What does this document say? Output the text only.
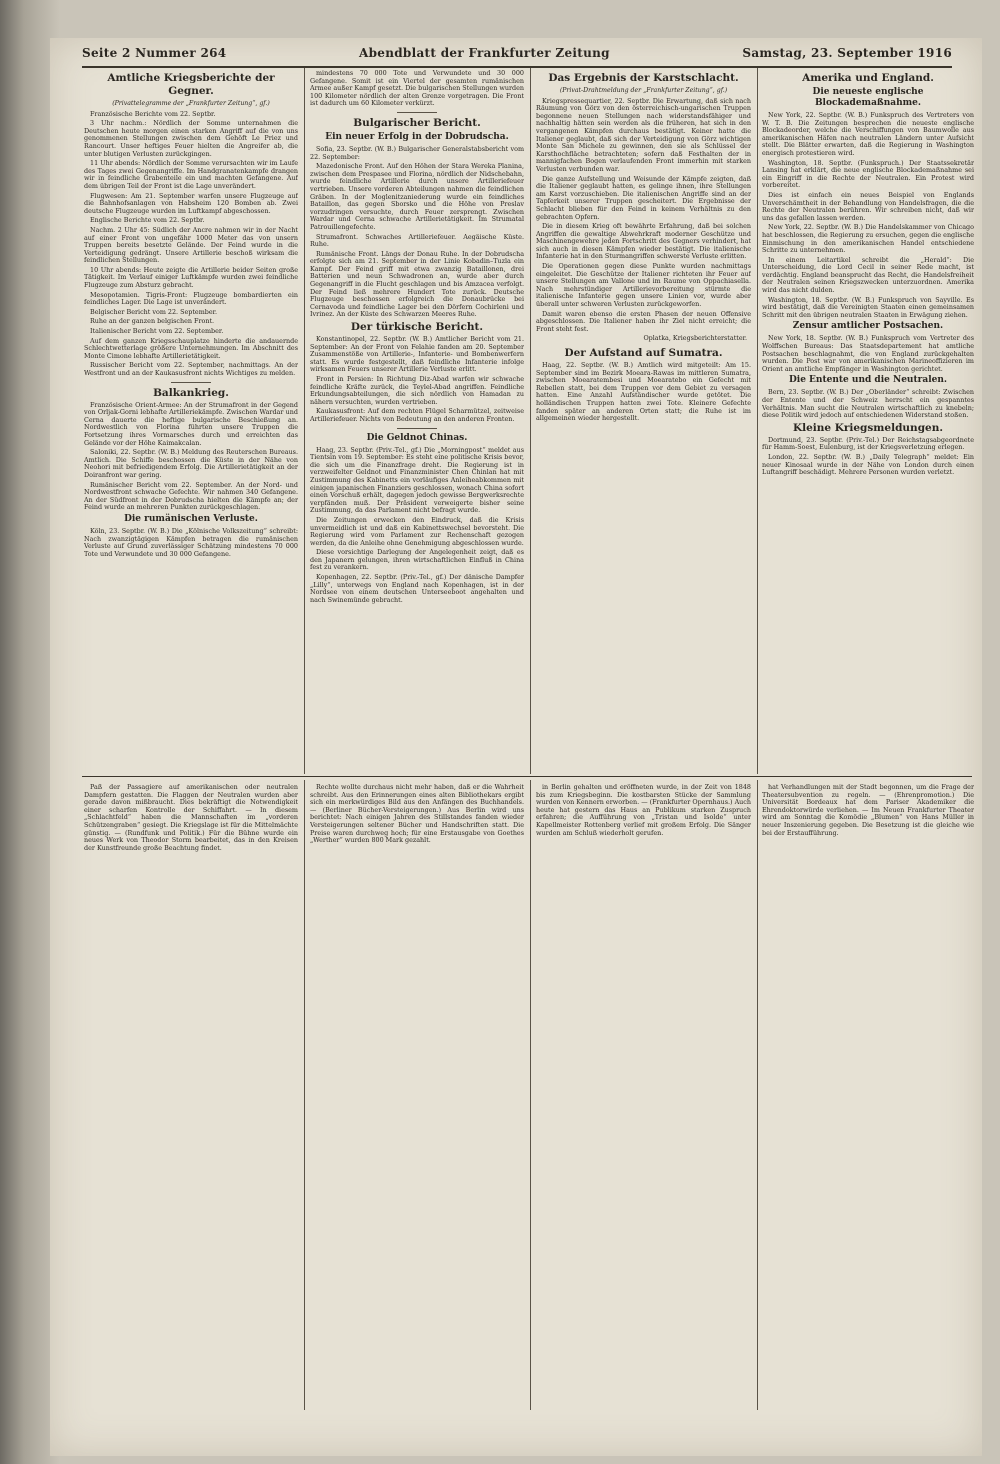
Seite 2 Nummer 264	Abendblatt der Frankfurter Zeitung	Samstag, 23. September 1916
Amtliche Kriegsberichte der Gegner.
(Privattelegramme der „Frankfurter Zeitung“, gf.)

Französische Berichte vom 22. Septbr.

3 Uhr nachm.: Nördlich der Somme unternahmen die Deutschen heute morgen einen starken Angriff auf die von uns genommenen Stellungen zwischen dem Gehöft Le Priez und Rancourt. Unser heftiges Feuer hielten die Angreifer ab, die unter blutigen Verlusten zurückgingen.

11 Uhr abends: Nördlich der Somme verursachten wir im Laufe des Tages zwei Gegenangriffe. Im Handgranatenkampfe drangen wir in feindliche Grabenteile ein und machten Gefangene. Auf dem übrigen Teil der Front ist die Lage unverändert.

Flugwesen: Am 21. September warfen unsere Flugzeuge auf die Bahnhofsanlagen von Habsheim 120 Bomben ab. Zwei deutsche Flugzeuge wurden im Luftkampf abgeschossen.

Englische Berichte vom 22. Septbr.

Nachm. 2 Uhr 45: Südlich der Ancre nahmen wir in der Nacht auf einer Front von ungefähr 1000 Meter das von unsern Truppen bereits besetzte Gelände. Der Feind wurde in die Verteidigung gedrängt. Unsere Artillerie beschoß wirksam die feindlichen Stellungen.

10 Uhr abends: Heute zeigte die Artillerie beider Seiten große Tätigkeit. Im Verlauf einiger Luftkämpfe wurden zwei feindliche Flugzeuge zum Absturz gebracht.

Mesopotamien. Tigris-Front: Flugzeuge bombardierten ein feindliches Lager. Die Lage ist unverändert.

Belgischer Bericht vom 22. September.

Ruhe an der ganzen belgischen Front.

Italienischer Bericht vom 22. September.

Auf dem ganzen Kriegsschauplatze hinderte die andauernde Schlechtwetterlage größere Unternehmungen. Im Abschnitt des Monte Cimone lebhafte Artillerietätigkeit.

Russischer Bericht vom 22. September, nachmittags. An der Westfront und an der Kaukasusfront nichts Wichtiges zu melden.

Balkankrieg.

Französische Orient-Armee: An der Strumafront in der Gegend von Orljak-Gorni lebhafte Artilleriekämpfe. Zwischen Wardar und Cerna dauerte die heftige bulgarische Beschießung an. Nordwestlich von Florina führten unsere Truppen die Fortsetzung ihres Vormarsches durch und erreichten das Gelände vor der Höhe Kaimakcalan.

Saloniki, 22. Septbr. (W. B.) Meldung des Reuterschen Bureaus. Amtlich. Die Schiffe beschossen die Küste in der Nähe von Neohori mit befriedigendem Erfolg. Die Artillerietätigkeit an der Doiranfront war gering.

Rumänischer Bericht vom 22. September. An der Nord- und Nordwestfront schwache Gefechte. Wir nahmen 340 Gefangene. An der Südfront in der Dobrudscha hielten die Kämpfe an; der Feind wurde an mehreren Punkten zurückgeschlagen.

Die rumänischen Verluste.

Köln, 23. Septbr. (W. B.) Die „Kölnische Volkszeitung“ schreibt: Nach zwanzigtägigen Kämpfen betragen die rumänischen Verluste auf Grund zuverlässiger Schätzung mindestens 70 000 Tote und Verwundete und 30 000 Gefangene.

mindestens 70 000 Tote und Verwundete und 30 000 Gefangene. Somit ist ein Viertel der gesamten rumänischen Armee außer Kampf gesetzt. Die bulgarischen Stellungen wurden 100 Kilometer nördlich der alten Grenze vorgetragen. Die Front ist dadurch um 60 Kilometer verkürzt.

Bulgarischer Bericht.
Ein neuer Erfolg in der Dobrudscha.

Sofia, 23. Septbr. (W. B.) Bulgarischer Generalstabsbericht vom 22. September:

Mazedonische Front. Auf den Höhen der Stara Wereka Planina, zwischen dem Prespasee und Florina, nördlich der Nidschebahn, wurde feindliche Artillerie durch unsere Artilleriefeuer vertrieben. Unsere vorderen Abteilungen nahmen die feindlichen Gräben. In der Moglenitzaniederung wurde ein feindliches Bataillon, das gegen Sborsko und die Höhe von Preslav vorzudringen versuchte, durch Feuer zersprengt. Zwischen Wardar und Cerna schwache Artillerietätigkeit. Im Strumatal Patrouillengefechte.

Strumafront. Schwaches Artilleriefeuer. Aegäische Küste. Ruhe.

Rumänische Front. Längs der Donau Ruhe. In der Dobrudscha erfolgte sich am 21. September in der Linie Kobadin–Tuzla ein Kampf. Der Feind griff mit etwa zwanzig Bataillonen, drei Batterien und neun Schwadronen an, wurde aber durch Gegenangriff in die Flucht geschlagen und bis Amzacea verfolgt. Der Feind ließ mehrere Hundert Tote zurück. Deutsche Flugzeuge beschossen erfolgreich die Donaubrücke bei Cernavoda und feindliche Lager bei den Dörfern Cochirleni und Ivrinez. An der Küste des Schwarzen Meeres Ruhe.

Der türkische Bericht.

Konstantinopel, 22. Septbr. (W. B.) Amtlicher Bericht vom 21. September: An der Front von Felahie fanden am 20. September Zusammenstöße von Artillerie-, Infanterie- und Bombenwerfern statt. Es wurde festgestellt, daß feindliche Infanterie infolge wirksamen Feuers unserer Artillerie Verluste erlitt.

Front in Persien: In Richtung Diz-Abad warfen wir schwache feindliche Kräfte zurück, die Teylel-Abad angriffen. Feindliche Erkundungsabteilungen, die sich nördlich von Hamadan zu nähern versuchten, wurden vertrieben.

Kaukasusfront: Auf dem rechten Flügel Scharmützel, zeitweise Artilleriefeuer. Nichts von Bedeutung an den anderen Fronten.

Die Geldnot Chinas.

Haag, 23. Septbr. (Priv.-Tel., gf.) Die „Morningpost“ meldet aus Tientsin vom 19. September: Es steht eine politische Krisis bevor, die sich um die Finanzfrage dreht. Die Regierung ist in verzweifelter Geldnot und Finanzminister Chen Chinlan hat mit Zustimmung des Kabinetts ein vorläufiges Anleiheabkommen mit einigen japanischen Finanziers geschlossen, wonach China sofort einen Vorschuß erhält, dagegen jedoch gewisse Bergwerksrechte verpfänden muß. Der Präsident verweigerte bisher seine Zustimmung, da das Parlament nicht befragt wurde.

Die Zeitungen erwecken den Eindruck, daß die Krisis unvermeidlich ist und daß ein Kabinettswechsel bevorsteht. Die Regierung wird vom Parlament zur Rechenschaft gezogen werden, da die Anleihe ohne Genehmigung abgeschlossen wurde.

Diese vorsichtige Darlegung der Angelegenheit zeigt, daß es den Japanern gelungen, ihren wirtschaftlichen Einfluß in China fest zu verankern.

Kopenhagen, 22. Septbr. (Priv.-Tel., gf.) Der dänische Dampfer „Lilly“, unterwegs von England nach Kopenhagen, ist in der Nordsee von einem deutschen Unterseeboot angehalten und nach Swinemünde gebracht.

Das Ergebnis der Karstschlacht.
(Privat-Drahtmeldung der „Frankfurter Zeitung“, gf.)

Kriegspressequartier, 22. Septbr. Die Erwartung, daß sich nach Räumung von Görz von den österreichisch-ungarischen Truppen begonnene neuen Stellungen nach widerstandsfähiger und nachhaltig hätten sein werden als die früheren, hat sich in den vergangenen Kämpfen durchaus bestätigt. Keiner hatte die Italiener geglaubt, daß sich der Verteidigung von Görz wichtigen Monte San Michele zu gewinnen, den sie als Schlüssel der Karsthochfläche betrachteten; sofern daß Festhalten der in mannigfachen Bogen verlaufenden Front immerhin mit starken Verlusten verbunden war.

Die ganze Aufstellung und Weisunde der Kämpfe zeigten, daß die Italiener geglaubt hatten, es gelinge ihnen, ihre Stellungen am Karst vorzuschieben. Die italienischen Angriffe sind an der Tapferkeit unserer Truppen gescheitert. Die Ergebnisse der Schlacht blieben für den Feind in keinem Verhältnis zu den gebrachten Opfern.

Die in diesem Krieg oft bewährte Erfahrung, daß bei solchen Angriffen die gewaltige Abwehrkraft moderner Geschütze und Maschinengewehre jeden Fortschritt des Gegners verhindert, hat sich auch in diesen Kämpfen wieder bestätigt. Die italienische Infanterie hat in den Sturmangriffen schwerste Verluste erlitten.

Die Operationen gegen diese Punkte wurden nachmittags eingeleitet. Die Geschütze der Italiener richteten ihr Feuer auf unsere Stellungen am Vallone und im Raume von Oppachiasella. Nach mehrstündiger Artillerievorbereitung stürmte die italienische Infanterie gegen unsere Linien vor, wurde aber überall unter schweren Verlusten zurückgeworfen.

Damit waren ebenso die ersten Phasen der neuen Offensive abgeschlossen. Die Italiener haben ihr Ziel nicht erreicht; die Front steht fest.

Oplatka, Kriegsberichterstatter.
Der Aufstand auf Sumatra.

Haag, 22. Septbr. (W. B.) Amtlich wird mitgeteilt: Am 15. September sind im Bezirk Moeara-Rawas im mittleren Sumatra, zwischen Moearatembesi und Moearatebo ein Gefecht mit Rebellen statt, bei dem Truppen vor dem Gebiet zu versagen hatten. Eine Anzahl Aufständischer wurde getötet. Die holländischen Truppen hatten zwei Tote. Kleinere Gefechte fanden später an anderen Orten statt; die Ruhe ist im allgemeinen wieder hergestellt.

Amerika und England.
Die neueste englische Blockademaßnahme.

New York, 22. Septbr. (W. B.) Funkspruch des Vertreters von W. T. B. Die Zeitungen besprechen die neueste englische Blockadeorder, welche die Verschiffungen von Baumwolle aus amerikanischen Häfen nach neutralen Ländern unter Aufsicht stellt. Die Blätter erwarten, daß die Regierung in Washington energisch protestieren wird.

Washington, 18. Septbr. (Funkspruch.) Der Staatssekretär Lansing hat erklärt, die neue englische Blockademaßnahme sei ein Eingriff in die Rechte der Neutralen. Ein Protest wird vorbereitet.

Dies ist einfach ein neues Beispiel von Englands Unverschämtheit in der Behandlung von Handelsfragen, die die Rechte der Neutralen berühren. Wir schreiben nicht, daß wir uns das gefallen lassen werden.

New York, 22. Septbr. (W. B.) Die Handelskammer von Chicago hat beschlossen, die Regierung zu ersuchen, gegen die englische Einmischung in den amerikanischen Handel entschiedene Schritte zu unternehmen.

In einem Leitartikel schreibt die „Herald“: Die Unterscheidung, die Lord Cecil in seiner Rede macht, ist verdächtig. England beansprucht das Recht, die Handelsfreiheit der Neutralen seinen Kriegszwecken unterzuordnen. Amerika wird das nicht dulden.

Washington, 18. Septbr. (W. B.) Funkspruch von Sayville. Es wird bestätigt, daß die Vereinigten Staaten einen gemeinsamen Schritt mit den übrigen neutralen Staaten in Erwägung ziehen.

Zensur amtlicher Postsachen.

New York, 18. Septbr. (W. B.) Funkspruch vom Vertreter des Wolffschen Bureaus: Das Staatsdepartement hat amtliche Postsachen beschlagnahmt, die von England zurückgehalten wurden. Die Post war von amerikanischen Marineoffizieren im Orient an amtliche Empfänger in Washington gerichtet.

Die Entente und die Neutralen.

Bern, 23. Septbr. (W. B.) Der „Oberländer“ schreibt: Zwischen der Entente und der Schweiz herrscht ein gespanntes Verhältnis. Man sucht die Neutralen wirtschaftlich zu knebeln; diese Politik wird jedoch auf entschiedenen Widerstand stoßen.

Kleine Kriegsmeldungen.

Dortmund, 23. Septbr. (Priv.-Tel.) Der Reichstagsabgeordnete für Hamm-Soest, Eulenburg, ist der Kriegsverletzung erlegen.

London, 22. Septbr. (W. B.) „Daily Telegraph“ meldet: Ein neuer Kinosaal wurde in der Nähe von London durch einen Luftangriff beschädigt. Mehrere Personen wurden verletzt.

Paß der Passagiere auf amerikanischen oder neutralen Dampfern gestatten. Die Flaggen der Neutralen wurden aber gerade davon mißbraucht. Dies bekräftigt die Notwendigkeit einer scharfen Kontrolle der Schiffahrt. — In diesem „Schlachtfeld“ haben die Mannschaften im „vorderen Schützengraben“ gesiegt. Die Kriegslage ist für die Mittelmächte günstig. — (Rundfunk und Politik.) Für die Bühne wurde ein neues Werk von Theodor Storm bearbeitet, das in den Kreisen der Kunstfreunde große Beachtung findet.

Rechte wollte durchaus nicht mehr haben, daß er die Wahrheit schreibt. Aus den Erinnerungen eines alten Bibliothekars ergibt sich ein merkwürdiges Bild aus den Anfängen des Buchhandels. — (Berliner Bücher-Versteigerungen.) Aus Berlin wird uns berichtet: Nach einigen Jahren des Stillstandes fanden wieder Versteigerungen seltener Bücher und Handschriften statt. Die Preise waren durchweg hoch; für eine Erstausgabe von Goethes „Werther“ wurden 800 Mark gezahlt.

in Berlin gehalten und eröffneten wurde, in der Zeit von 1848 bis zum Kriegsbeginn. Die kostbarsten Stücke der Sammlung wurden von Kennern erworben. — (Frankfurter Opernhaus.) Auch heute hat gestern das Haus an Publikum starken Zuspruch erfahren; die Aufführung von „Tristan und Isolde“ unter Kapellmeister Rottenberg verlief mit großem Erfolg. Die Sänger wurden am Schluß wiederholt gerufen.

hat Verhandlungen mit der Stadt begonnen, um die Frage der Theatersubvention zu regeln. — (Ehrenpromotion.) Die Universität Bordeaux hat dem Pariser Akademiker die Ehrendoktorwürde verliehen. — Im Neuen Frankfurter Theater wird am Sonntag die Komödie „Blumen“ von Hans Müller in neuer Inszenierung gegeben. Die Besetzung ist die gleiche wie bei der Erstaufführung.
